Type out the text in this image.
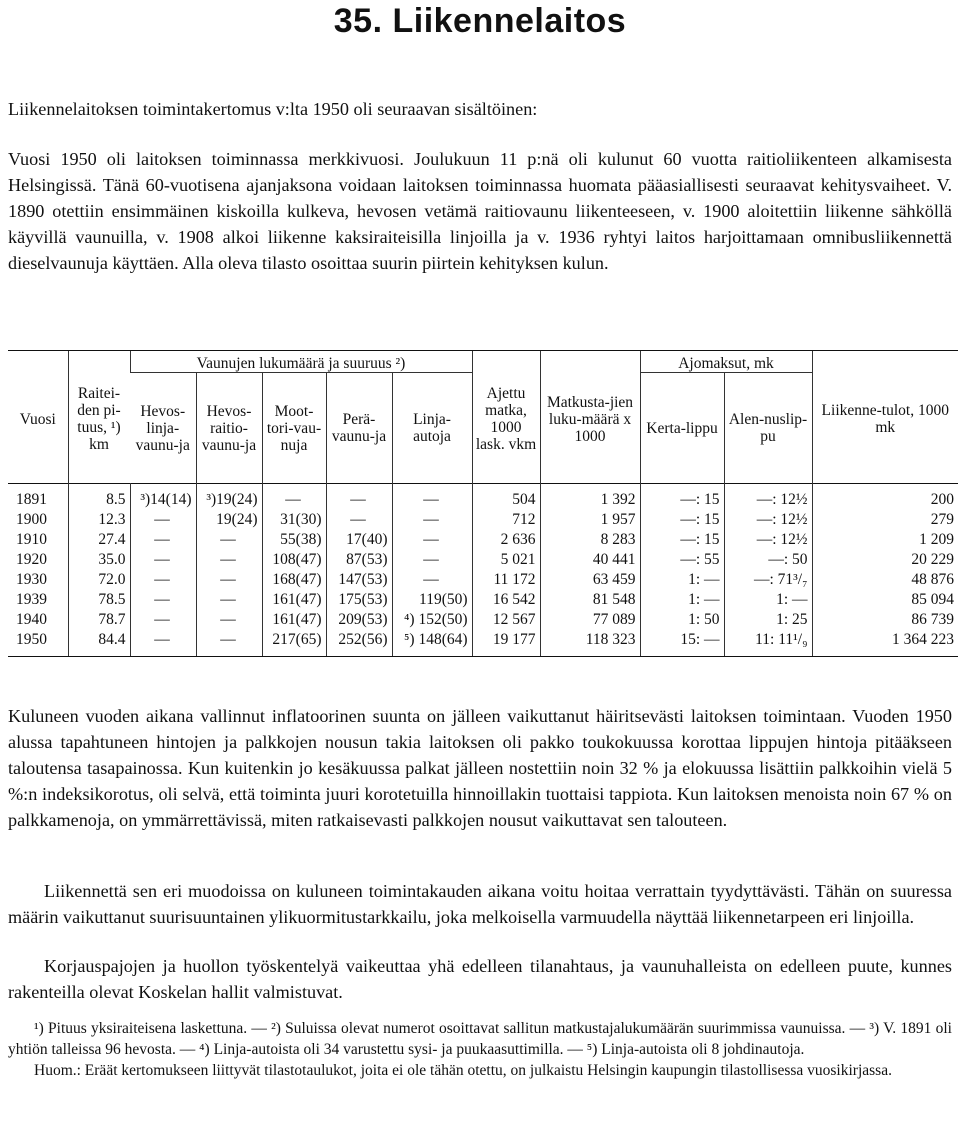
35. Liikennelaitos

Liikennelaitoksen toimintakertomus v:lta 1950 oli seuraavan sisältöinen:

Vuosi 1950 oli laitoksen toiminnassa merkkivuosi. Joulukuun 11 p:nä oli kulunut 60 vuotta raitioliikenteen alkamisesta Helsingissä. Tänä 60-vuotisena ajanjaksona voidaan laitoksen toiminnassa huomata pääasiallisesti seuraavat kehitysvaiheet. V. 1890 otettiin ensimmäinen kiskoilla kulkeva, hevosen vetämä raitiovaunu liikenteeseen, v. 1900 aloitettiin liikenne sähköllä käyvillä vaunuilla, v. 1908 alkoi liikenne kaksiraiteisilla linjoilla ja v. 1936 ryhtyi laitos harjoittamaan omnibusliikennettä dieselvaunuja käyttäen. Alla oleva tilasto osoittaa suurin piirtein kehityksen kulun.

Vuosi	Raitei-den pi-tuus, ¹) km	Vaunujen lukumäärä ja suuruus ²)					Ajettu matka, 1000 lask. vkm	Matkusta-jien luku-määrä x 1000	Ajomaksut, mk		Liikenne-tulot, 1000 mk
		Hevos-linja-vaunu-ja	Hevos-raitio-vaunu-ja	Moot-tori-vau-nuja	Perä-vaunu-ja	Linja-autoja			Kerta-lippu	Alen-nuslip-pu	
1891	8.5	³)14(14)	³)19(24)	—	—	—	504	1 392	—: 15	—: 12½	200
1900	12.3	—	19(24)	31(30)	—	—	712	1 957	—: 15	—: 12½	279
1910	27.4	—	—	55(38)	17(40)	—	2 636	8 283	—: 15	—: 12½	1 209
1920	35.0	—	—	108(47)	87(53)	—	5 021	40 441	—: 55	—: 50	20 229
1930	72.0	—	—	168(47)	147(53)	—	11 172	63 459	1: —	—: 71³/₇	48 876
1939	78.5	—	—	161(47)	175(53)	119(50)	16 542	81 548	1: —	1: —	85 094
1940	78.7	—	—	161(47)	209(53)	⁴) 152(50)	12 567	77 089	1: 50	1: 25	86 739
1950	84.4	—	—	217(65)	252(56)	⁵) 148(64)	19 177	118 323	15: —	11: 11¹/₉	1 364 223

Kuluneen vuoden aikana vallinnut inflatoorinen suunta on jälleen vaikuttanut häiritsevästi laitoksen toimintaan. Vuoden 1950 alussa tapahtuneen hintojen ja palkkojen nousun takia laitoksen oli pakko toukokuussa korottaa lippujen hintoja pitääkseen taloutensa tasapainossa. Kun kuitenkin jo kesäkuussa palkat jälleen nostettiin noin 32 % ja elokuussa lisättiin palkkoihin vielä 5 %:n indeksikorotus, oli selvä, että toiminta juuri korotetuilla hinnoillakin tuottaisi tappiota. Kun laitoksen menoista noin 67 % on palkkamenoja, on ymmärrettävissä, miten ratkaisevasti palkkojen nousut vaikuttavat sen talouteen.

Liikennettä sen eri muodoissa on kuluneen toimintakauden aikana voitu hoitaa verrattain tyydyttävästi. Tähän on suuressa määrin vaikuttanut suurisuuntainen ylikuormitustarkkailu, joka melkoisella varmuudella näyttää liikennetarpeen eri linjoilla.

Korjauspajojen ja huollon työskentelyä vaikeuttaa yhä edelleen tilanahtaus, ja vaunuhalleista on edelleen puute, kunnes rakenteilla olevat Koskelan hallit valmistuvat.

¹) Pituus yksiraiteisena laskettuna. — ²) Suluissa olevat numerot osoittavat sallitun matkustajalukumäärän suurimmissa vaunuissa. — ³) V. 1891 oli yhtiön talleissa 96 hevosta. — ⁴) Linja-autoista oli 34 varustettu sysi- ja puukaasuttimilla. — ⁵) Linja-autoista oli 8 johdinautoja.
Huom.: Eräät kertomukseen liittyvät tilastotaulukot, joita ei ole tähän otettu, on julkaistu Helsingin kaupungin tilastollisessa vuosikirjassa.
